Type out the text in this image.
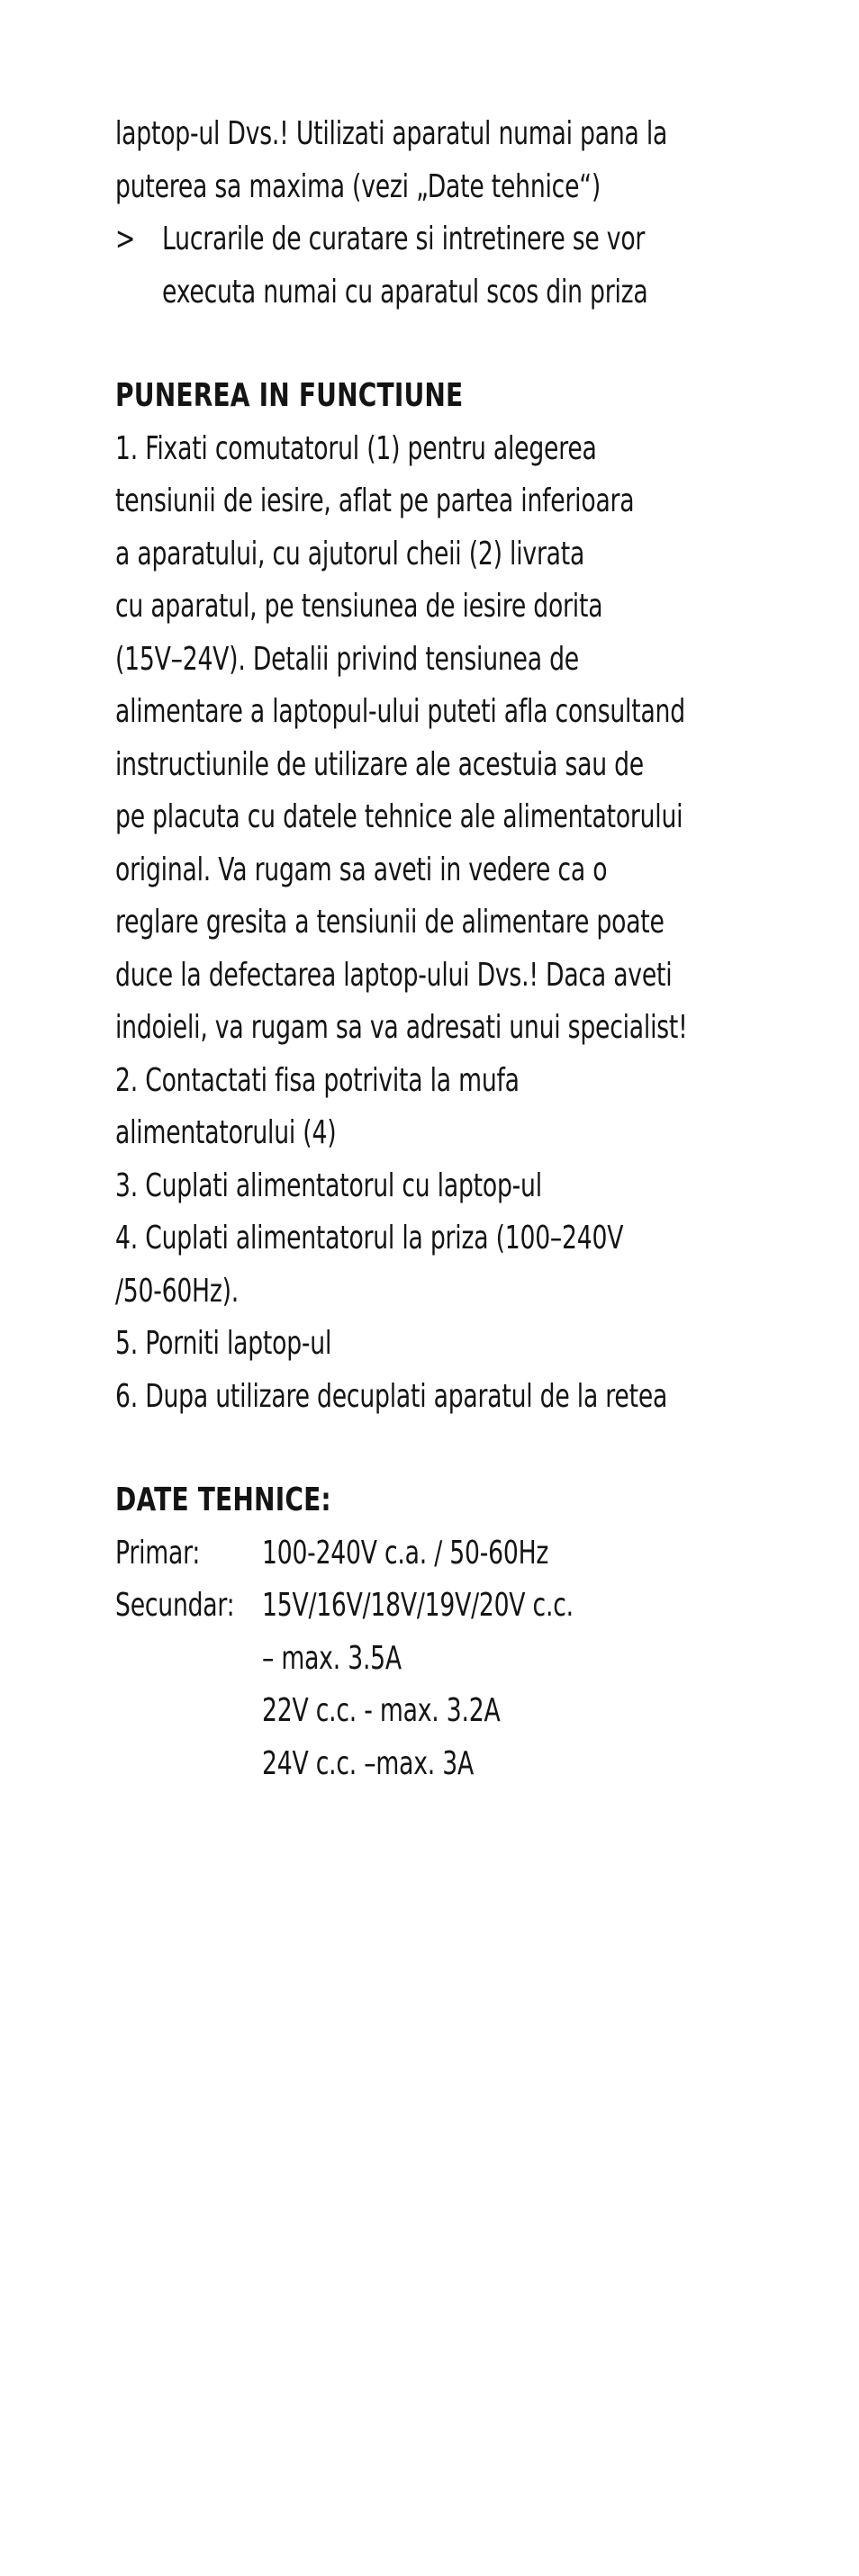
laptop-ul Dvs.! Utilizati aparatul numai pana la
puterea sa maxima (vezi „Date tehnice“)
> Lucrarile de curatare si intretinere se vor
executa numai cu aparatul scos din priza
PUNEREA IN FUNCTIUNE
1. Fixati comutatorul (1) pentru alegerea
tensiunii de iesire, aflat pe partea inferioara
a aparatului, cu ajutorul cheii (2) livrata
cu aparatul, pe tensiunea de iesire dorita
(15V–24V). Detalii privind tensiunea de
alimentare a laptopul-ului puteti afla consultand
instructiunile de utilizare ale acestuia sau de
pe placuta cu datele tehnice ale alimentatorului
original. Va rugam sa aveti in vedere ca o
reglare gresita a tensiunii de alimentare poate
duce la defectarea laptop-ului Dvs.! Daca aveti
indoieli, va rugam sa va adresati unui specialist!
2. Contactati fisa potrivita la mufa
alimentatorului (4)
3. Cuplati alimentatorul cu laptop-ul
4. Cuplati alimentatorul la priza (100–240V
/50-60Hz).
5. Porniti laptop-ul
6. Dupa utilizare decuplati aparatul de la retea
DATE TEHNICE:
Primar: 100-240V c.a. / 50-60Hz
Secundar: 15V/16V/18V/19V/20V c.c.
– max. 3.5A
22V c.c. - max. 3.2A
24V c.c. –max. 3A
